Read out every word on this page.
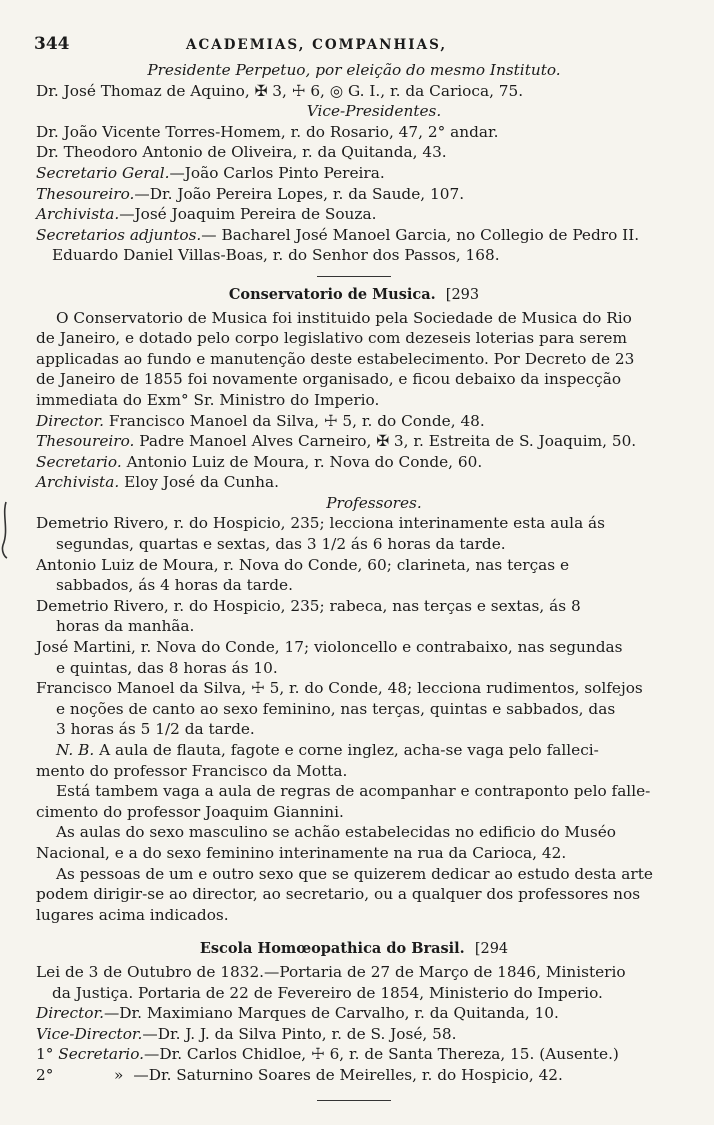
344	ACADEMIAS, COMPANHIAS,
Presidente Perpetuo, por eleição do mesmo Instituto.
Dr. José Thomaz de Aquino, ✠ 3, ☩ 6, ◎ G. I., r. da Carioca, 75.
Vice-Presidentes.
Dr. João Vicente Torres-Homem, r. do Rosario, 47, 2° andar.
Dr. Theodoro Antonio de Oliveira, r. da Quitanda, 43.
Secretario Geral.—João Carlos Pinto Pereira.
Thesoureiro.—Dr. João Pereira Lopes, r. da Saude, 107.
Archivista.—José Joaquim Pereira de Souza.
Secretarios adjuntos.— Bacharel José Manoel Garcia, no Collegio de Pedro II.
Eduardo Daniel Villas-Boas, r. do Senhor dos Passos, 168.
Conservatorio de Musica. [293
O Conservatorio de Musica foi instituido pela Sociedade de Musica do Rio
de Janeiro, e dotado pelo corpo legislativo com dezeseis loterias para serem
applicadas ao fundo e manutenção deste estabelecimento. Por Decreto de 23
de Janeiro de 1855 foi novamente organisado, e ficou debaixo da inspecção
immediata do Exm° Sr. Ministro do Imperio.
Director. Francisco Manoel da Silva, ☩ 5, r. do Conde, 48.
Thesoureiro. Padre Manoel Alves Carneiro, ✠ 3, r. Estreita de S. Joaquim, 50.
Secretario. Antonio Luiz de Moura, r. Nova do Conde, 60.
Archivista. Eloy José da Cunha.
Professores.
Demetrio Rivero, r. do Hospicio, 235; lecciona interinamente esta aula ás
segundas, quartas e sextas, das 3 1/2 ás 6 horas da tarde.
Antonio Luiz de Moura, r. Nova do Conde, 60; clarineta, nas terças e
sabbados, ás 4 horas da tarde.
Demetrio Rivero, r. do Hospicio, 235; rabeca, nas terças e sextas, ás 8
horas da manhãa.
José Martini, r. Nova do Conde, 17; violoncello e contrabaixo, nas segundas
e quintas, das 8 horas ás 10.
Francisco Manoel da Silva, ☩ 5, r. do Conde, 48; lecciona rudimentos, solfejos
e noções de canto ao sexo feminino, nas terças, quintas e sabbados, das
3 horas ás 5 1/2 da tarde.
N. B. A aula de flauta, fagote e corne inglez, acha-se vaga pelo falleci-
mento do professor Francisco da Motta.
Está tambem vaga a aula de regras de acompanhar e contraponto pelo falle-
cimento do professor Joaquim Giannini.
As aulas do sexo masculino se achão estabelecidas no edificio do Muséo
Nacional, e a do sexo feminino interinamente na rua da Carioca, 42.
As pessoas de um e outro sexo que se quizerem dedicar ao estudo desta arte
podem dirigir-se ao director, ao secretario, ou a qualquer dos professores nos
lugares acima indicados.
Escola Homœopathica do Brasil. [294
Lei de 3 de Outubro de 1832.—Portaria de 27 de Março de 1846, Ministerio
da Justiça. Portaria de 22 de Fevereiro de 1854, Ministerio do Imperio.
Director.—Dr. Maximiano Marques de Carvalho, r. da Quitanda, 10.
Vice-Director.—Dr. J. J. da Silva Pinto, r. de S. José, 58.
1° Secretario.—Dr. Carlos Chidloe, ☩ 6, r. de Santa Thereza, 15. (Ausente.)
2°	» —Dr. Saturnino Soares de Meirelles, r. do Hospicio, 42.
